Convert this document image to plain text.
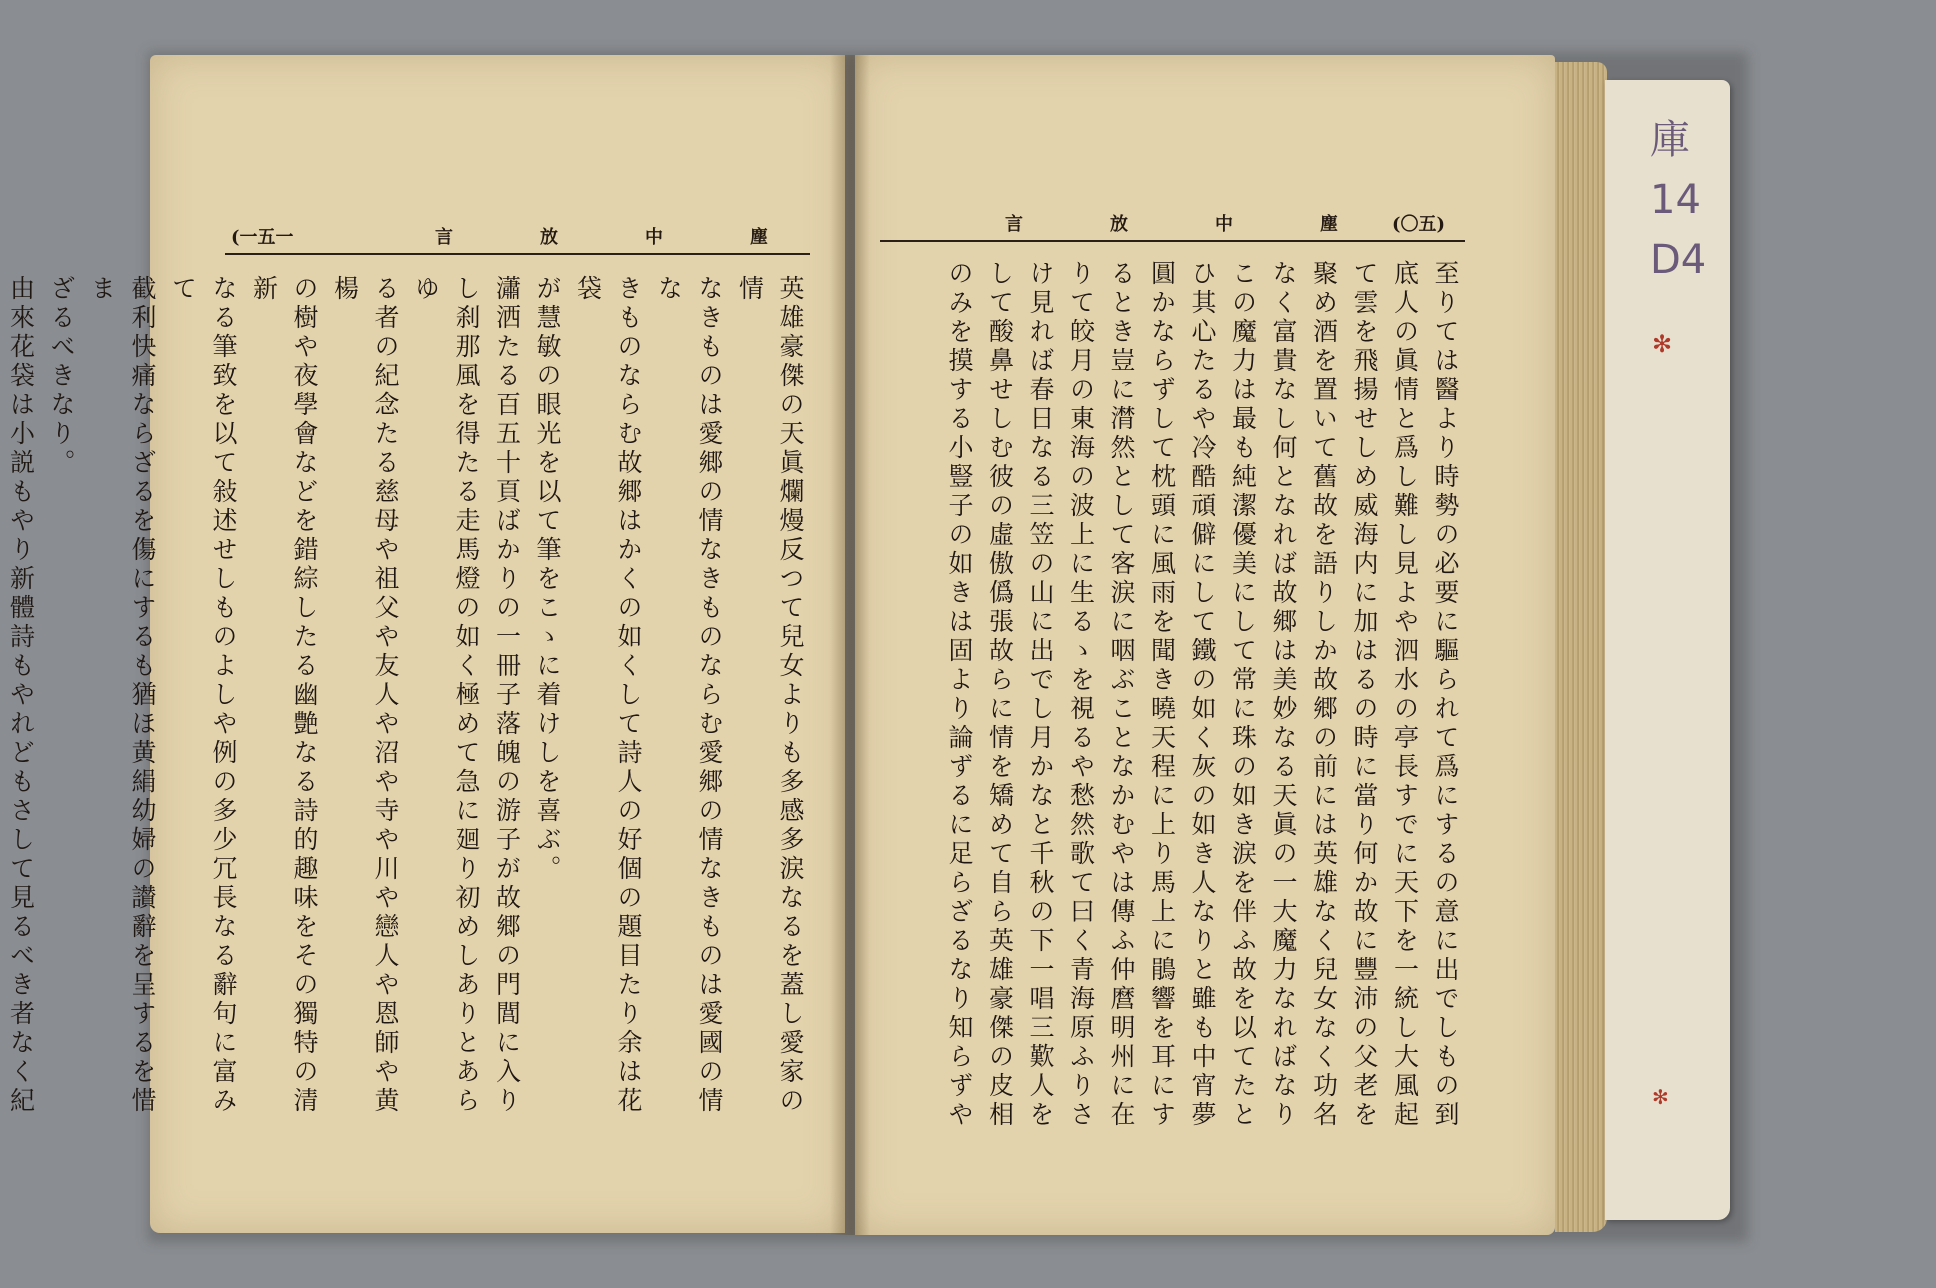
庫14
D4
✻
✻
(一五一	言	放	中	塵
言	放	中	塵	(〇五)

至りては醫より時勢の必要に驅られて爲にするの意に出でしもの到

底人の眞情と爲し難し見よや泗水の亭長すでに天下を一統し大風起

て雲を飛揚せしめ威海内に加はるの時に當り何か故に豐沛の父老を

聚め酒を置いて舊故を語りしか故郷の前には英雄なく兒女なく功名

なく富貴なし何となれば故郷は美妙なる天眞の一大魔力なればなり

この魔力は最も純潔優美にして常に珠の如き涙を伴ふ故を以てたと

ひ其心たるや冷酷頑僻にして鐵の如く灰の如き人なりと雖も中宵夢

圓かならずして枕頭に風雨を聞き曉天程に上り馬上に鵑響を耳にす

るとき豈に潸然として客涙に咽ぶことなかむやは傳ふ仲麿明州に在

りて皎月の東海の波上に生るゝを視るや愁然歌て曰く青海原ふりさ

け見れば春日なる三笠の山に出でし月かなと千秋の下一唱三歎人を

して酸鼻せしむ彼の虛傲僞張故らに情を矯めて自ら英雄豪傑の皮相

のみを摸する小豎子の如きは固より論ずるに足らざるなり知らずや

英雄豪傑の天眞爛熳反つて兒女よりも多感多涙なるを蓋し愛家の情

なきものは愛郷の情なきものならむ愛郷の情なきものは愛國の情な

きものならむ故郷はかくの如くして詩人の好個の題目たり余は花袋

が慧敏の眼光を以て筆をこゝに着けしを喜ぶ。

瀟洒たる百五十頁ばかりの一冊子落魄の游子が故郷の門閭に入り

し刹那風を得たる走馬燈の如く極めて急に廻り初めしありとあらゆ

る者の紀念たる慈母や祖父や友人や沼や寺や川や戀人や恩師や黄楊

の樹や夜學會などを錯綜したる幽艶なる詩的趣味をその獨特の清新

なる筆致を以て敍述せしものよしや例の多少冗長なる辭句に富みて

截利快痛ならざるを傷にするも猶ほ黄絹幼婦の讃辭を呈するを惜ま

ざるべきなり。

由來花袋は小説もやり新體詩もやれどもさして見るべき者なく紀
